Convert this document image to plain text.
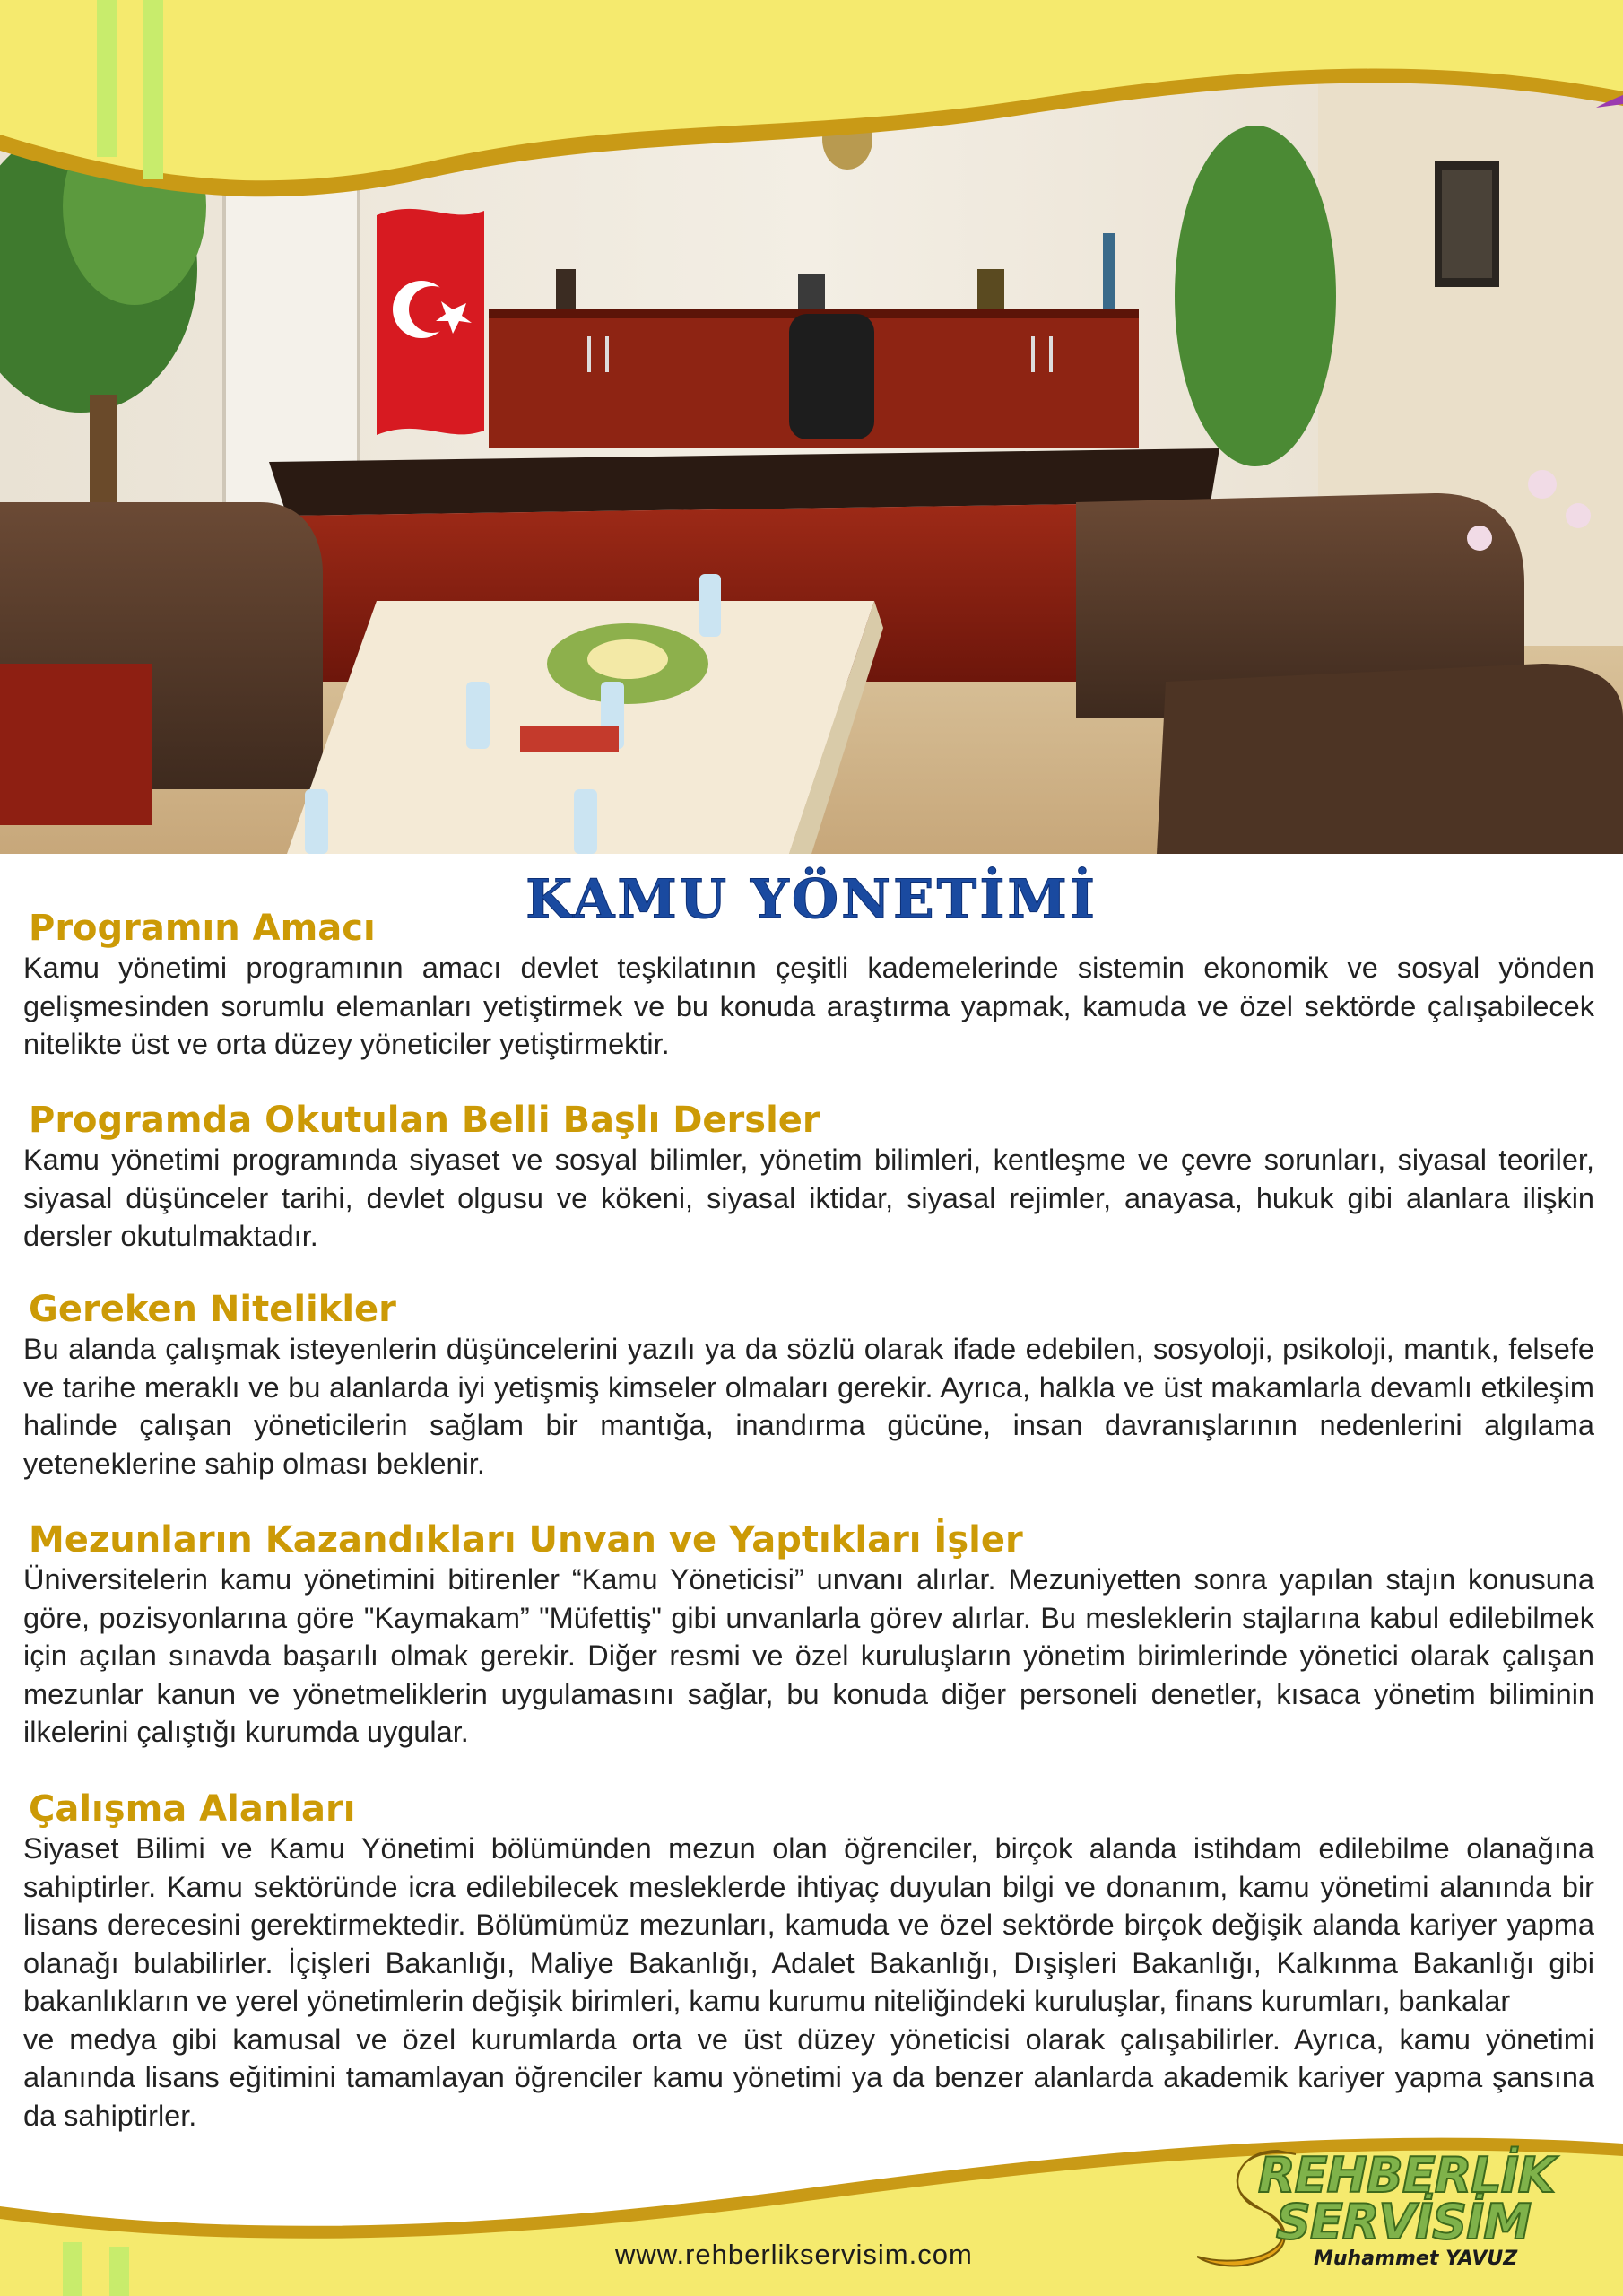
KAMU YÖNETİMİ
Programın Amacı

Kamu yönetimi programının amacı devlet teşkilatının çeşitli kademelerinde sistemin ekonomik ve sosyal yönden gelişmesinden sorumlu elemanları yetiştirmek ve bu konuda araştırma yapmak, kamuda ve özel sektörde çalışabilecek nitelikte üst ve orta düzey yöneticiler yetiştirmektir.

Programda Okutulan Belli Başlı Dersler

Kamu yönetimi programında siyaset ve sosyal bilimler, yönetim bilimleri, kentleşme ve çevre sorunları, siyasal teoriler, siyasal düşünceler tarihi, devlet olgusu ve kökeni, siyasal iktidar, siyasal rejimler, anayasa, hukuk gibi alanlara ilişkin dersler okutulmaktadır.

Gereken Nitelikler

Bu alanda çalışmak isteyenlerin düşüncelerini yazılı ya da sözlü olarak ifade edebilen, sosyoloji, psikoloji, mantık, felsefe ve tarihe meraklı ve bu alanlarda iyi yetişmiş kimseler olmaları gerekir. Ayrıca, halkla ve üst makamlarla devamlı etkileşim halinde çalışan yöneticilerin sağlam bir mantığa, inandırma gücüne, insan davranışlarının nedenlerini algılama yeteneklerine sahip olması beklenir.

Mezunların Kazandıkları Unvan ve Yaptıkları İşler

Üniversitelerin kamu yönetimini bitirenler “Kamu Yöneticisi” unvanı alırlar. Mezuniyetten sonra yapılan stajın konusuna göre, pozisyonlarına göre "Kaymakam” "Müfettiş" gibi unvanlarla görev alırlar. Bu mesleklerin stajlarına kabul edilebilmek için açılan sınavda başarılı olmak gerekir. Diğer resmi ve özel kuruluşların yönetim birimlerinde yönetici olarak çalışan mezunlar kanun ve yönetmeliklerin uygulamasını sağlar, bu konuda diğer personeli denetler, kısaca yönetim biliminin ilkelerini çalıştığı kurumda uygular.

Çalışma Alanları

Siyaset Bilimi ve Kamu Yönetimi bölümünden mezun olan öğrenciler, birçok alanda istihdam edilebilme olanağına sahiptirler. Kamu sektöründe icra edilebilecek mesleklerde ihtiyaç duyulan bilgi ve donanım, kamu yönetimi alanında bir lisans derecesini gerektirmektedir. Bölümümüz mezunları, kamuda ve özel sektörde birçok değişik alanda kariyer yapma olanağı bulabilirler. İçişleri Bakanlığı, Maliye Bakanlığı, Adalet Bakanlığı, Dışişleri Bakanlığı, Kalkınma Bakanlığı gibi bakanlıkların ve yerel yönetimlerin değişik birimleri, kamu kurumu niteliğindeki kuruluşlar, finans kurumları, bankalar

ve medya gibi kamusal ve özel kurumlarda orta ve üst düzey yöneticisi olarak çalışabilirler. Ayrıca, kamu yönetimi alanında lisans eğitimini tamamlayan öğrenciler kamu yönetimi ya da benzer alanlarda akademik kariyer yapma şansına da sahiptirler.

www.rehberlikservisim.com
REHBERLİK
SERVİSİM
Muhammet YAVUZ
